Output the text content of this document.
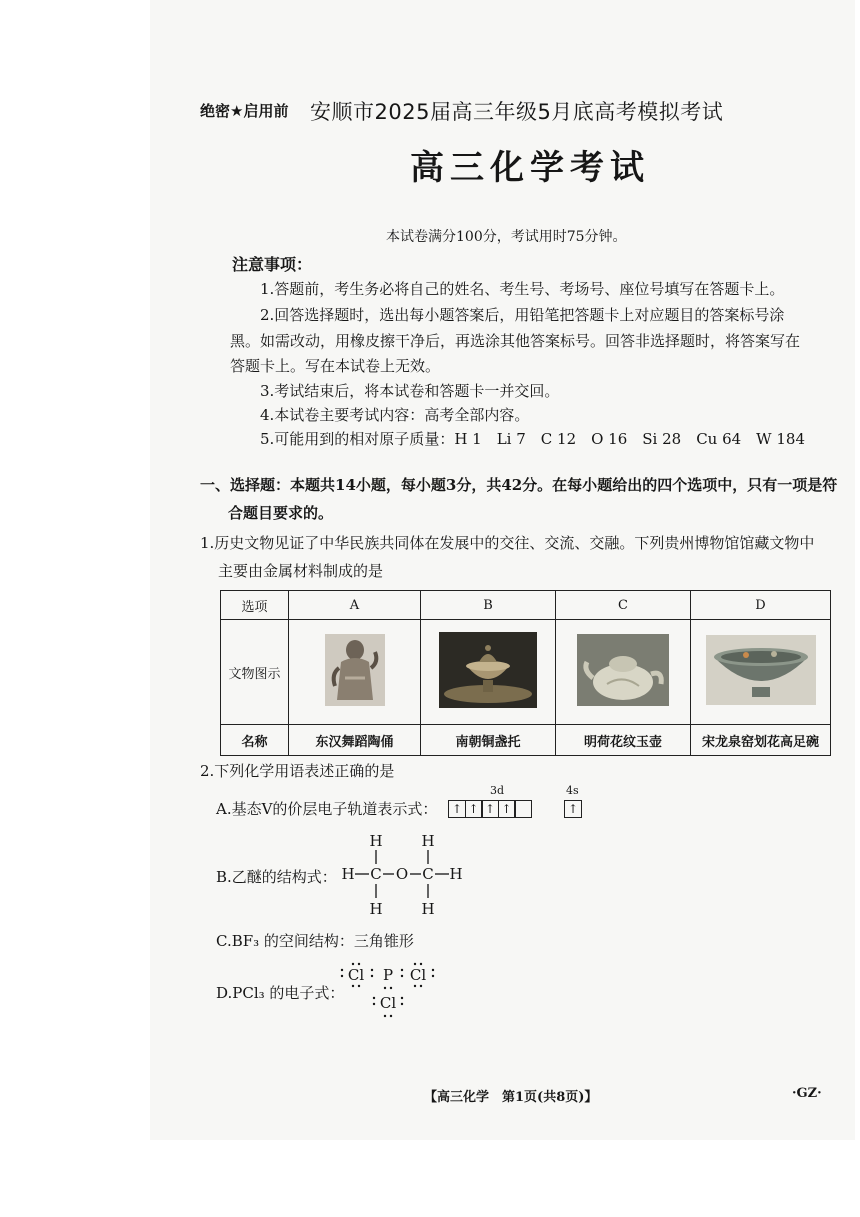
绝密★启用前 安顺市2025届高三年级5月底高考模拟考试
高三化学考试
本试卷满分100分，考试用时75分钟。
注意事项：
1.答题前，考生务必将自己的姓名、考生号、考场号、座位号填写在答题卡上。
2.回答选择题时，选出每小题答案后，用铅笔把答题卡上对应题目的答案标号涂
黑。如需改动，用橡皮擦干净后，再选涂其他答案标号。回答非选择题时，将答案写在
答题卡上。写在本试卷上无效。
3.考试结束后，将本试卷和答题卡一并交回。
4.本试卷主要考试内容：高考全部内容。
5.可能用到的相对原子质量：H 1　Li 7　C 12　O 16　Si 28　Cu 64　W 184
一、选择题：本题共14小题，每小题3分，共42分。在每小题给出的四个选项中，只有一项是符
合题目要求的。
1.历史文物见证了中华民族共同体在发展中的交往、交流、交融。下列贵州博物馆馆藏文物中
主要由金属材料制成的是
选项	A	B	C	D
文物图示				
名称	东汉舞蹈陶俑	南朝铜盏托	明荷花纹玉壶	宋龙泉窑划花高足碗
2.下列化学用语表述正确的是
A.基态V的价层电子轨道表示式：
3d	4s
↑ ↑ ↑ ↑	↑
B.乙醚的结构式：
H	H
H C O C H
H	H
C.BF₃ 的空间结构：三角锥形
D.PCl₃ 的电子式：
Cl P Cl
Cl
【高三化学　第1页(共8页)】	·GZ·
